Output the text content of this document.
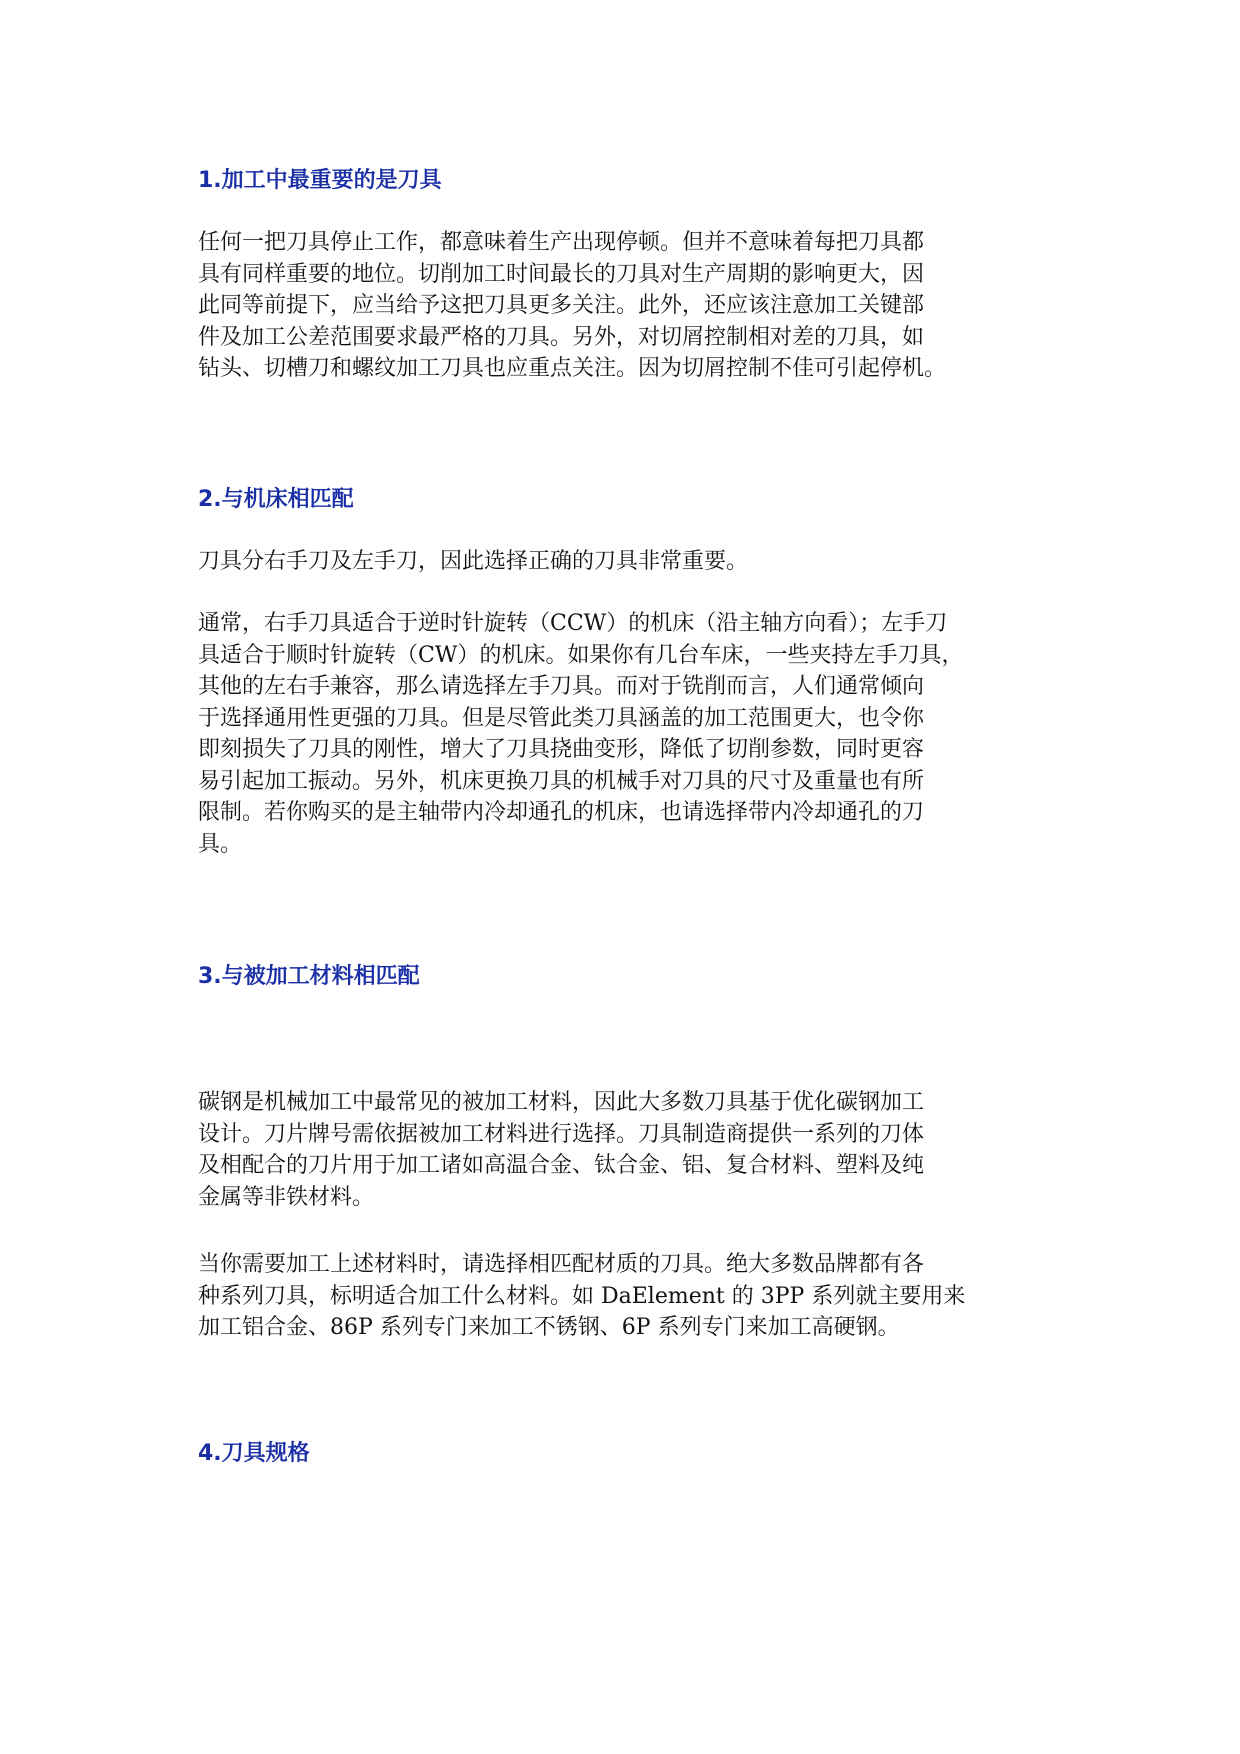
1.加工中最重要的是刀具

任何一把刀具停止工作，都意味着生产出现停顿。但并不意味着每把刀具都
具有同样重要的地位。切削加工时间最长的刀具对生产周期的影响更大，因
此同等前提下，应当给予这把刀具更多关注。此外，还应该注意加工关键部
件及加工公差范围要求最严格的刀具。另外，对切屑控制相对差的刀具，如
钻头、切槽刀和螺纹加工刀具也应重点关注。因为切屑控制不佳可引起停机。

2.与机床相匹配

刀具分右手刀及左手刀，因此选择正确的刀具非常重要。

通常，右手刀具适合于逆时针旋转（CCW）的机床（沿主轴方向看）；左手刀
具适合于顺时针旋转（CW）的机床。如果你有几台车床，一些夹持左手刀具，
其他的左右手兼容，那么请选择左手刀具。而对于铣削而言，人们通常倾向
于选择通用性更强的刀具。但是尽管此类刀具涵盖的加工范围更大，也令你
即刻损失了刀具的刚性，增大了刀具挠曲变形，降低了切削参数，同时更容
易引起加工振动。另外，机床更换刀具的机械手对刀具的尺寸及重量也有所
限制。若你购买的是主轴带内冷却通孔的机床，也请选择带内冷却通孔的刀
具。

3.与被加工材料相匹配

碳钢是机械加工中最常见的被加工材料，因此大多数刀具基于优化碳钢加工
设计。刀片牌号需依据被加工材料进行选择。刀具制造商提供一系列的刀体
及相配合的刀片用于加工诸如高温合金、钛合金、铝、复合材料、塑料及纯
金属等非铁材料。

当你需要加工上述材料时，请选择相匹配材质的刀具。绝大多数品牌都有各
种系列刀具，标明适合加工什么材料。如 DaElement 的 3PP 系列就主要用来
加工铝合金、86P 系列专门来加工不锈钢、6P 系列专门来加工高硬钢。

4.刀具规格
